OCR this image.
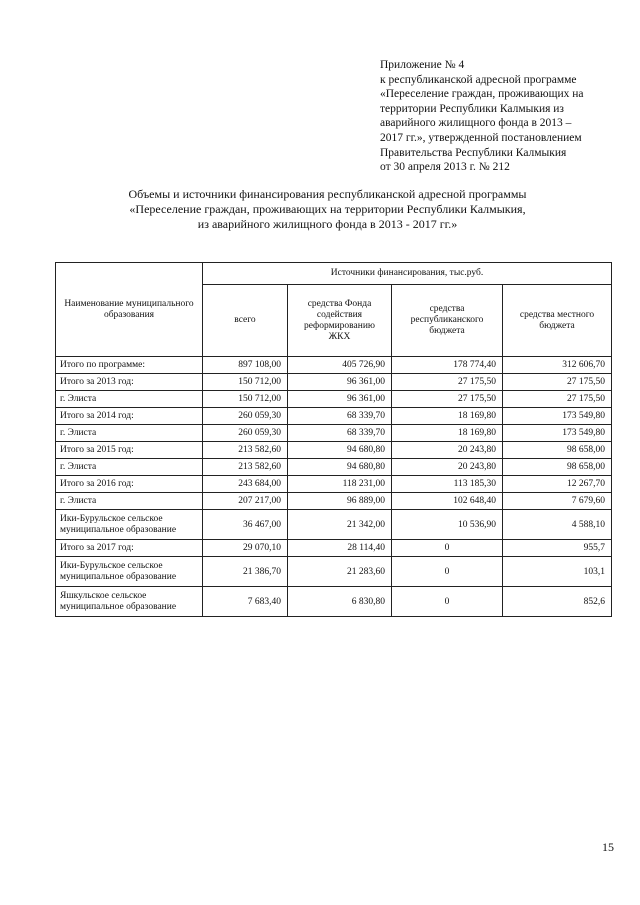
Приложение № 4
к республиканской адресной программе
«Переселение граждан, проживающих на
территории Республики Калмыкия из
аварийного жилищного фонда в 2013 –
2017 гг.», утвержденной постановлением
Правительства Республики Калмыкия
от 30 апреля 2013 г. № 212
Объемы и источники финансирования республиканской адресной программы
«Переселение граждан, проживающих на территории Республики Калмыкия,
из аварийного жилищного фонда в 2013 - 2017 гг.»
Наименование муниципального образования	Источники финансирования, тыс.руб.			
	всего	средства Фонда содействия реформированию ЖКХ	средства республиканского бюджета	средства местного бюджета
Итого по программе:	897 108,00	405 726,90	178 774,40	312 606,70
Итого за 2013 год:	150 712,00	96 361,00	27 175,50	27 175,50
г. Элиста	150 712,00	96 361,00	27 175,50	27 175,50
Итого за 2014 год:	260 059,30	68 339,70	18 169,80	173 549,80
г. Элиста	260 059,30	68 339,70	18 169,80	173 549,80
Итого за 2015 год:	213 582,60	94 680,80	20 243,80	98 658,00
г. Элиста	213 582,60	94 680,80	20 243,80	98 658,00
Итого за 2016 год:	243 684,00	118 231,00	113 185,30	12 267,70
г. Элиста	207 217,00	96 889,00	102 648,40	7 679,60
Ики-Бурульское сельское муниципальное образование	36 467,00	21 342,00	10 536,90	4 588,10
Итого за 2017 год:	29 070,10	28 114,40	0	955,7
Ики-Бурульское сельское муниципальное образование	21 386,70	21 283,60	0	103,1
Яшкульское сельское муниципальное образование	7 683,40	6 830,80	0	852,6
15
